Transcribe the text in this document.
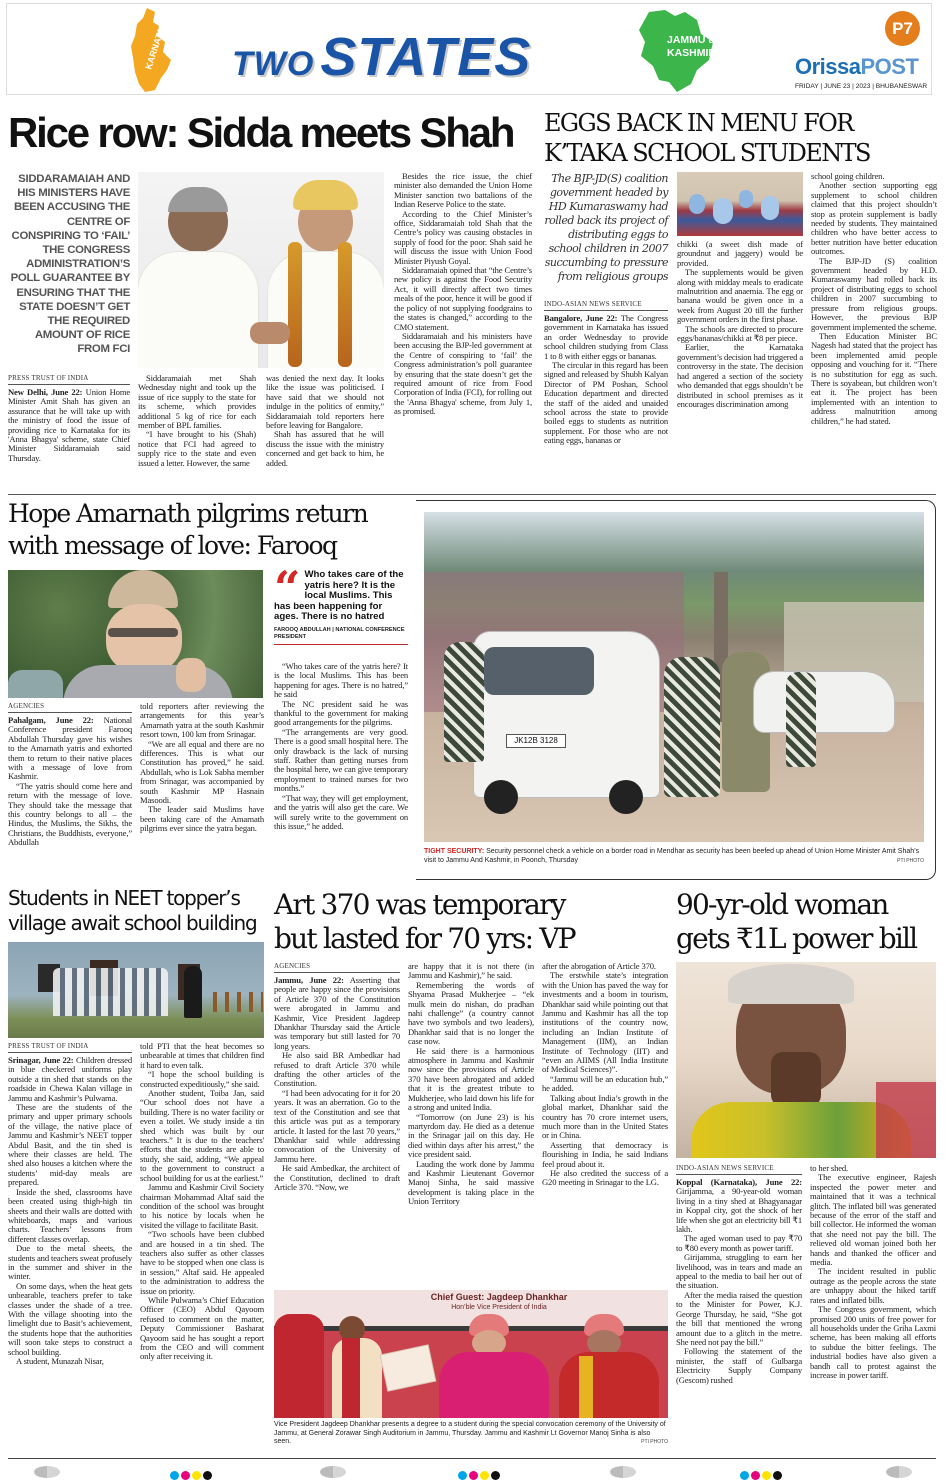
KARNATAKA TWO STATES	JAMMU &
KASHMIR
P7
OrissaPOST
FRIDAY | JUNE 23 | 2023 | BHUBANESWAR
Rice row: Sidda meets Shah
SIDDARAMAIAH AND HIS MINISTERS HAVE BEEN ACCUSING THE CENTRE OF CONSPIRING TO ‘FAIL’ THE CONGRESS ADMINISTRATION’S POLL GUARANTEE BY ENSURING THAT THE STATE DOESN’T GET THE REQUIRED AMOUNT OF RICE FROM FCI
PRESS TRUST OF INDIA

New Delhi, June 22: Union Home Minister Amit Shah has given an assurance that he will take up with the ministry of food the issue of providing rice to Karnataka for its 'Anna Bhagya' scheme, state Chief Minister Siddaramaiah said Thursday.

Siddaramaiah met Shah Wednesday night and took up the issue of rice supply to the state for its scheme, which provides additional 5 kg of rice for each member of BPL families.

“I have brought to his (Shah) notice that FCI had agreed to supply rice to the state and even issued a letter. However, the same

was denied the next day. It looks like the issue was politicised. I have said that we should not indulge in the politics of enmity,” Siddaramaiah told reporters here before leaving for Bangalore.

Shah has assured that he will discuss the issue with the ministry concerned and get back to him, he added.

Besides the rice issue, the chief minister also demanded the Union Home Minister sanction two battalions of the Indian Reserve Police to the state.

According to the Chief Minister’s office, Siddaramaiah told Shah that the Centre’s policy was causing obstacles in supply of food for the poor. Shah said he will discuss the issue with Union Food Minister Piyush Goyal.

Siddaramaiah opined that “the Centre’s new policy is against the Food Security Act, it will directly affect two times meals of the poor, hence it will be good if the policy of not supplying foodgrains to the states is changed,” according to the CMO statement.

Siddaramaiah and his ministers have been accusing the BJP-led government at the Centre of conspiring to ‘fail’ the Congress administration’s poll guarantee by ensuring that the state doesn’t get the required amount of rice from Food Corporation of India (FCI), for rolling out the 'Anna Bhagya' scheme, from July 1, as promised.

EGGS BACK IN MENU FOR
K’TAKA SCHOOL STUDENTS
The BJP-JD(S) coalition government headed by HD Kumaraswamy had rolled back its project of distributing eggs to school children in 2007 succumbing to pressure from religious groups
INDO-ASIAN NEWS SERVICE

Bangalore, June 22: The Congress government in Karnataka has issued an order Wednesday to provide school children studying from Class 1 to 8 with either eggs or bananas.

The circular in this regard has been signed and released by Shubh Kalyan Director of PM Poshan, School Education department and directed the staff of the aided and unaided school across the state to provide boiled eggs to students as nutrition supplement. For those who are not eating eggs, bananas or

chikki (a sweet dish made of groundnut and jaggery) would be provided.

The supplements would be given along with midday meals to eradicate malnutrition and anaemia. The egg or banana would be given once in a week from August 20 till the further government orders in the first phase.

The schools are directed to procure eggs/bananas/chikki at ₹8 per piece.

Earlier, the Karnataka government’s decision had triggered a controversy in the state. The decision had angered a section of the society who demanded that eggs shouldn’t be distributed in school premises as it encourages discrimination among

school going children.

Another section supporting egg supplement to school children claimed that this project shouldn’t stop as protein supplement is badly needed by students. They maintained children who have better access to better nutrition have better education outcomes.

The BJP-JD (S) coalition government headed by H.D. Kumaraswamy had rolled back its project of distributing eggs to school children in 2007 succumbing to pressure from religious groups. However, the previous BJP government implemented the scheme.

Then Education Minister BC Nagesh had stated that the project has been implemented amid people opposing and vouching for it. “There is no substitution for egg as such. There is soyabean, but children won’t eat it. The project has been implemented with an intention to address malnutrition among children,” he had stated.

Hope Amarnath pilgrims return
with message of love: Farooq
“ Who takes care of the yatris here? It is the local Muslims. This has been happening for ages. There is no hatred
FAROOQ ABDULLAH | NATIONAL CONFERENCE PRESIDENT
AGENCIES

Pahalgam, June 22: National Conference president Farooq Abdullah Thursday gave his wishes to the Amarnath yatris and exhorted them to return to their native places with a message of love from Kashmir.

“The yatris should come here and return with the message of love. They should take the message that this country belongs to all – the Hindus, the Muslims, the Sikhs, the Christians, the Buddhists, everyone,” Abdullah

told reporters after reviewing the arrangements for this year’s Amarnath yatra at the south Kashmir resort town, 100 km from Srinagar.

“We are all equal and there are no differences. This is what our Constitution has proved,” he said. Abdullah, who is Lok Sabha member from Srinagar, was accompanied by south Kashmir MP Hasnain Masoodi.

The leader said Muslims have been taking care of the Amarnath pilgrims ever since the yatra began.

“Who takes care of the yatris here? It is the local Muslims. This has been happening for ages. There is no hatred,” he said

The NC president said he was thankful to the government for making good arrangements for the pilgrims.

“The arrangements are very good. There is a good small hospital here. The only drawback is the lack of nursing staff. Rather than getting nurses from the hospital here, we can give temporary employment to trained nurses for two months.”

“That way, they will get employment, and the yatris will also get the care. We will surely write to the government on this issue,” he added.

JK12B 3128
TIGHT SECURITY: Security personnel check a vehicle on a border road in Mendhar as security has been beefed up ahead of Union Home Minister Amit Shah’s visit to Jammu And Kashmir, in Poonch, Thursday	PTI PHOTO
Students in NEET topper’s
village await school building
PRESS TRUST OF INDIA

Srinagar, June 22: Children dressed in blue checkered uniforms play outside a tin shed that stands on the roadside in Chewa Kalan village in Jammu and Kashmir’s Pulwama.

These are the students of the primary and upper primary schools of the village, the native place of Jammu and Kashmir’s NEET topper Abdul Basit, and the tin shed is where their classes are held. The shed also houses a kitchen where the students’ mid-day meals are prepared.

Inside the shed, classrooms have been created using thigh-high tin sheets and their walls are dotted with whiteboards, maps and various charts. Teachers’ lessons from different classes overlap.

Due to the metal sheets, the students and teachers sweat profusely in the summer and shiver in the winter.

On some days, when the heat gets unbearable, teachers prefer to take classes under the shade of a tree. With the village shooting into the limelight due to Basit’s achievement, the students hope that the authorities will soon take steps to construct a school building.

A student, Munazah Nisar,

told PTI that the heat becomes so unbearable at times that children find it hard to even talk.

“I hope the school building is constructed expeditiously,” she said.

Another student, Toiba Jan, said “Our school does not have a building. There is no water facility or even a toilet. We study inside a tin shed which was built by our teachers.” It is due to the teachers' efforts that the students are able to study, she said, adding, “We appeal to the government to construct a school building for us at the earliest.”

Jammu and Kashmir Civil Society chairman Mohammad Altaf said the condition of the school was brought to his notice by locals when he visited the village to facilitate Basit.

“Two schools have been clubbed and are housed in a tin shed. The teachers also suffer as other classes have to be stopped when one class is in session,” Altaf said. He appealed to the administration to address the issue on priority.

While Pulwama’s Chief Education Officer (CEO) Abdul Qayoom refused to comment on the matter, Deputy Commissioner Basharat Qayoom said he has sought a report from the CEO and will comment only after receiving it.

Art 370 was temporary
but lasted for 70 yrs: VP
AGENCIES

Jammu, June 22: Asserting that people are happy since the provisions of Article 370 of the Constitution were abrogated in Jammu and Kashmir, Vice President Jagdeep Dhankhar Thursday said the Article was temporary but still lasted for 70 long years.

He also said BR Ambedkar had refused to draft Article 370 while drafting the other articles of the Constitution.

“I had been advocating for it for 20 years. It was an aberration. Go to the text of the Constitution and see that this article was put as a temporary article. It lasted for the last 70 years,” Dhankhar said while addressing convocation of the University of Jammu here.

He said Ambedkar, the architect of the Constitution, declined to draft Article 370. “Now, we

are happy that it is not there (in Jammu and Kashmir),” he said.

Remembering the words of Shyama Prasad Mukherjee – “ek mulk mein do nishan, do pradhan nahi challenge” (a country cannot have two symbols and two leaders), Dhankhar said that is no longer the case now.

He said there is a harmonious atmosphere in Jammu and Kashmir now since the provisions of Article 370 have been abrogated and added that it is the greatest tribute to Mukherjee, who laid down his life for a strong and united India.

“Tomorrow (on June 23) is his martyrdom day. He died as a detenue in the Srinagar jail on this day. He died within days after his arrest,” the vice president said.

Lauding the work done by Jammu and Kashmir Lieutenant Governor Manoj Sinha, he said massive development is taking place in the Union Territory

after the abrogation of Article 370.

The erstwhile state’s integration with the Union has paved the way for investments and a boom in tourism, Dhankhar said while pointing out that Jammu and Kashmir has all the top institutions of the country now, including an Indian Institute of Management (IIM), an Indian Institute of Technology (IIT) and “even an AIIMS (All India Institute of Medical Sciences)”.

“Jammu will be an education hub,” he added.

Talking about India’s growth in the global market, Dhankhar said the country has 70 crore internet users, much more than in the United States or in China.

Asserting that democracy is flourishing in India, he said Indians feel proud about it.

He also credited the success of a G20 meeting in Srinagar to the LG.

Chief Guest: Jagdeep Dhankhar
Hon’ble Vice President of India
Vice President Jagdeep Dhankhar presents a degree to a student during the special convocation ceremony of the University of Jammu, at General Zorawar Singh Auditorium in Jammu, Thursday. Jammu and Kashmir Lt Governor Manoj Sinha is also seen.	PTI PHOTO
90-yr-old woman
gets ₹1L power bill
INDO-ASIAN NEWS SERVICE

Koppal (Karnataka), June 22: Girijamma, a 90-year-old woman living in a tiny shed at Bhagyanagar in Koppal city, got the shock of her life when she got an electricity bill ₹1 lakh.

The aged woman used to pay ₹70 to ₹80 every month as power tariff.

Girijamma, struggling to earn her livelihood, was in tears and made an appeal to the media to bail her out of the situation.

After the media raised the question to the Minister for Power, K.J. George Thursday, he said, “She got the bill that mentioned the wrong amount due to a glitch in the metre. She need not pay the bill.”

Following the statement of the minister, the staff of Gulbarga Electricity Supply Company (Gescom) rushed

to her shed.

The executive engineer, Rajesh inspected the power meter and maintained that it was a technical glitch. The inflated bill was generated because of the error of the staff and bill collector. He informed the woman that she need not pay the bill. The relieved old woman joined both her hands and thanked the officer and media.

The incident resulted in public outrage as the people across the state are unhappy about the hiked tariff rates and inflated bills.

The Congress government, which promised 200 units of free power for all households under the Griha Laxmi scheme, has been making all efforts to subdue the bitter feelings. The industrial bodies have also given a bandh call to protest against the increase in power tariff.
